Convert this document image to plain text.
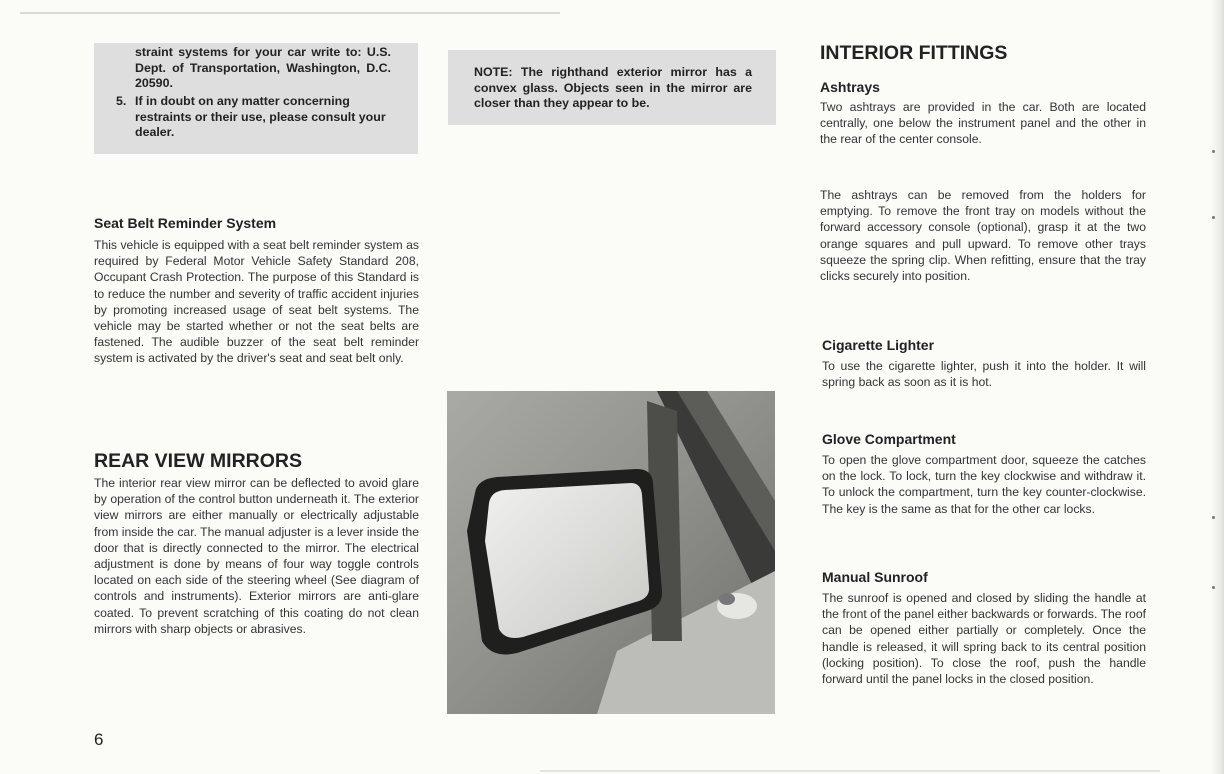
straint systems for your car write to: U.S. Dept. of Transportation, Washington, D.C. 20590.
5. If in doubt on any matter concerning restraints or their use, please consult your dealer.
Seat Belt Reminder System
This vehicle is equipped with a seat belt reminder system as required by Federal Motor Vehicle Safety Standard 208, Occupant Crash Protection. The purpose of this Standard is to reduce the number and severity of traffic accident injuries by promoting increased usage of seat belt systems. The vehicle may be started whether or not the seat belts are fastened. The audible buzzer of the seat belt reminder system is activated by the driver's seat and seat belt only.
REAR VIEW MIRRORS
The interior rear view mirror can be deflected to avoid glare by operation of the control button underneath it. The exterior view mirrors are either manually or electrically adjustable from inside the car. The manual adjuster is a lever inside the door that is directly connected to the mirror. The electrical adjustment is done by means of four way toggle controls located on each side of the steering wheel (See diagram of controls and instruments). Exterior mirrors are anti-glare coated. To prevent scratching of this coating do not clean mirrors with sharp objects or abrasives.
6
NOTE: The righthand exterior mirror has a convex glass. Objects seen in the mirror are closer than they appear to be.
INTERIOR FITTINGS
Ashtrays
Two ashtrays are provided in the car. Both are located centrally, one below the instrument panel and the other in the rear of the center console.
The ashtrays can be removed from the holders for emptying. To remove the front tray on models without the forward accessory console (optional), grasp it at the two orange squares and pull upward. To remove other trays squeeze the spring clip. When refitting, ensure that the tray clicks securely into position.
Cigarette Lighter
To use the cigarette lighter, push it into the holder. It will spring back as soon as it is hot.
Glove Compartment
To open the glove compartment door, squeeze the catches on the lock. To lock, turn the key clockwise and withdraw it. To unlock the compartment, turn the key counter-clockwise. The key is the same as that for the other car locks.
Manual Sunroof
The sunroof is opened and closed by sliding the handle at the front of the panel either backwards or forwards. The roof can be opened either partially or completely. Once the handle is released, it will spring back to its central position (locking position). To close the roof, push the handle forward until the panel locks in the closed position.
